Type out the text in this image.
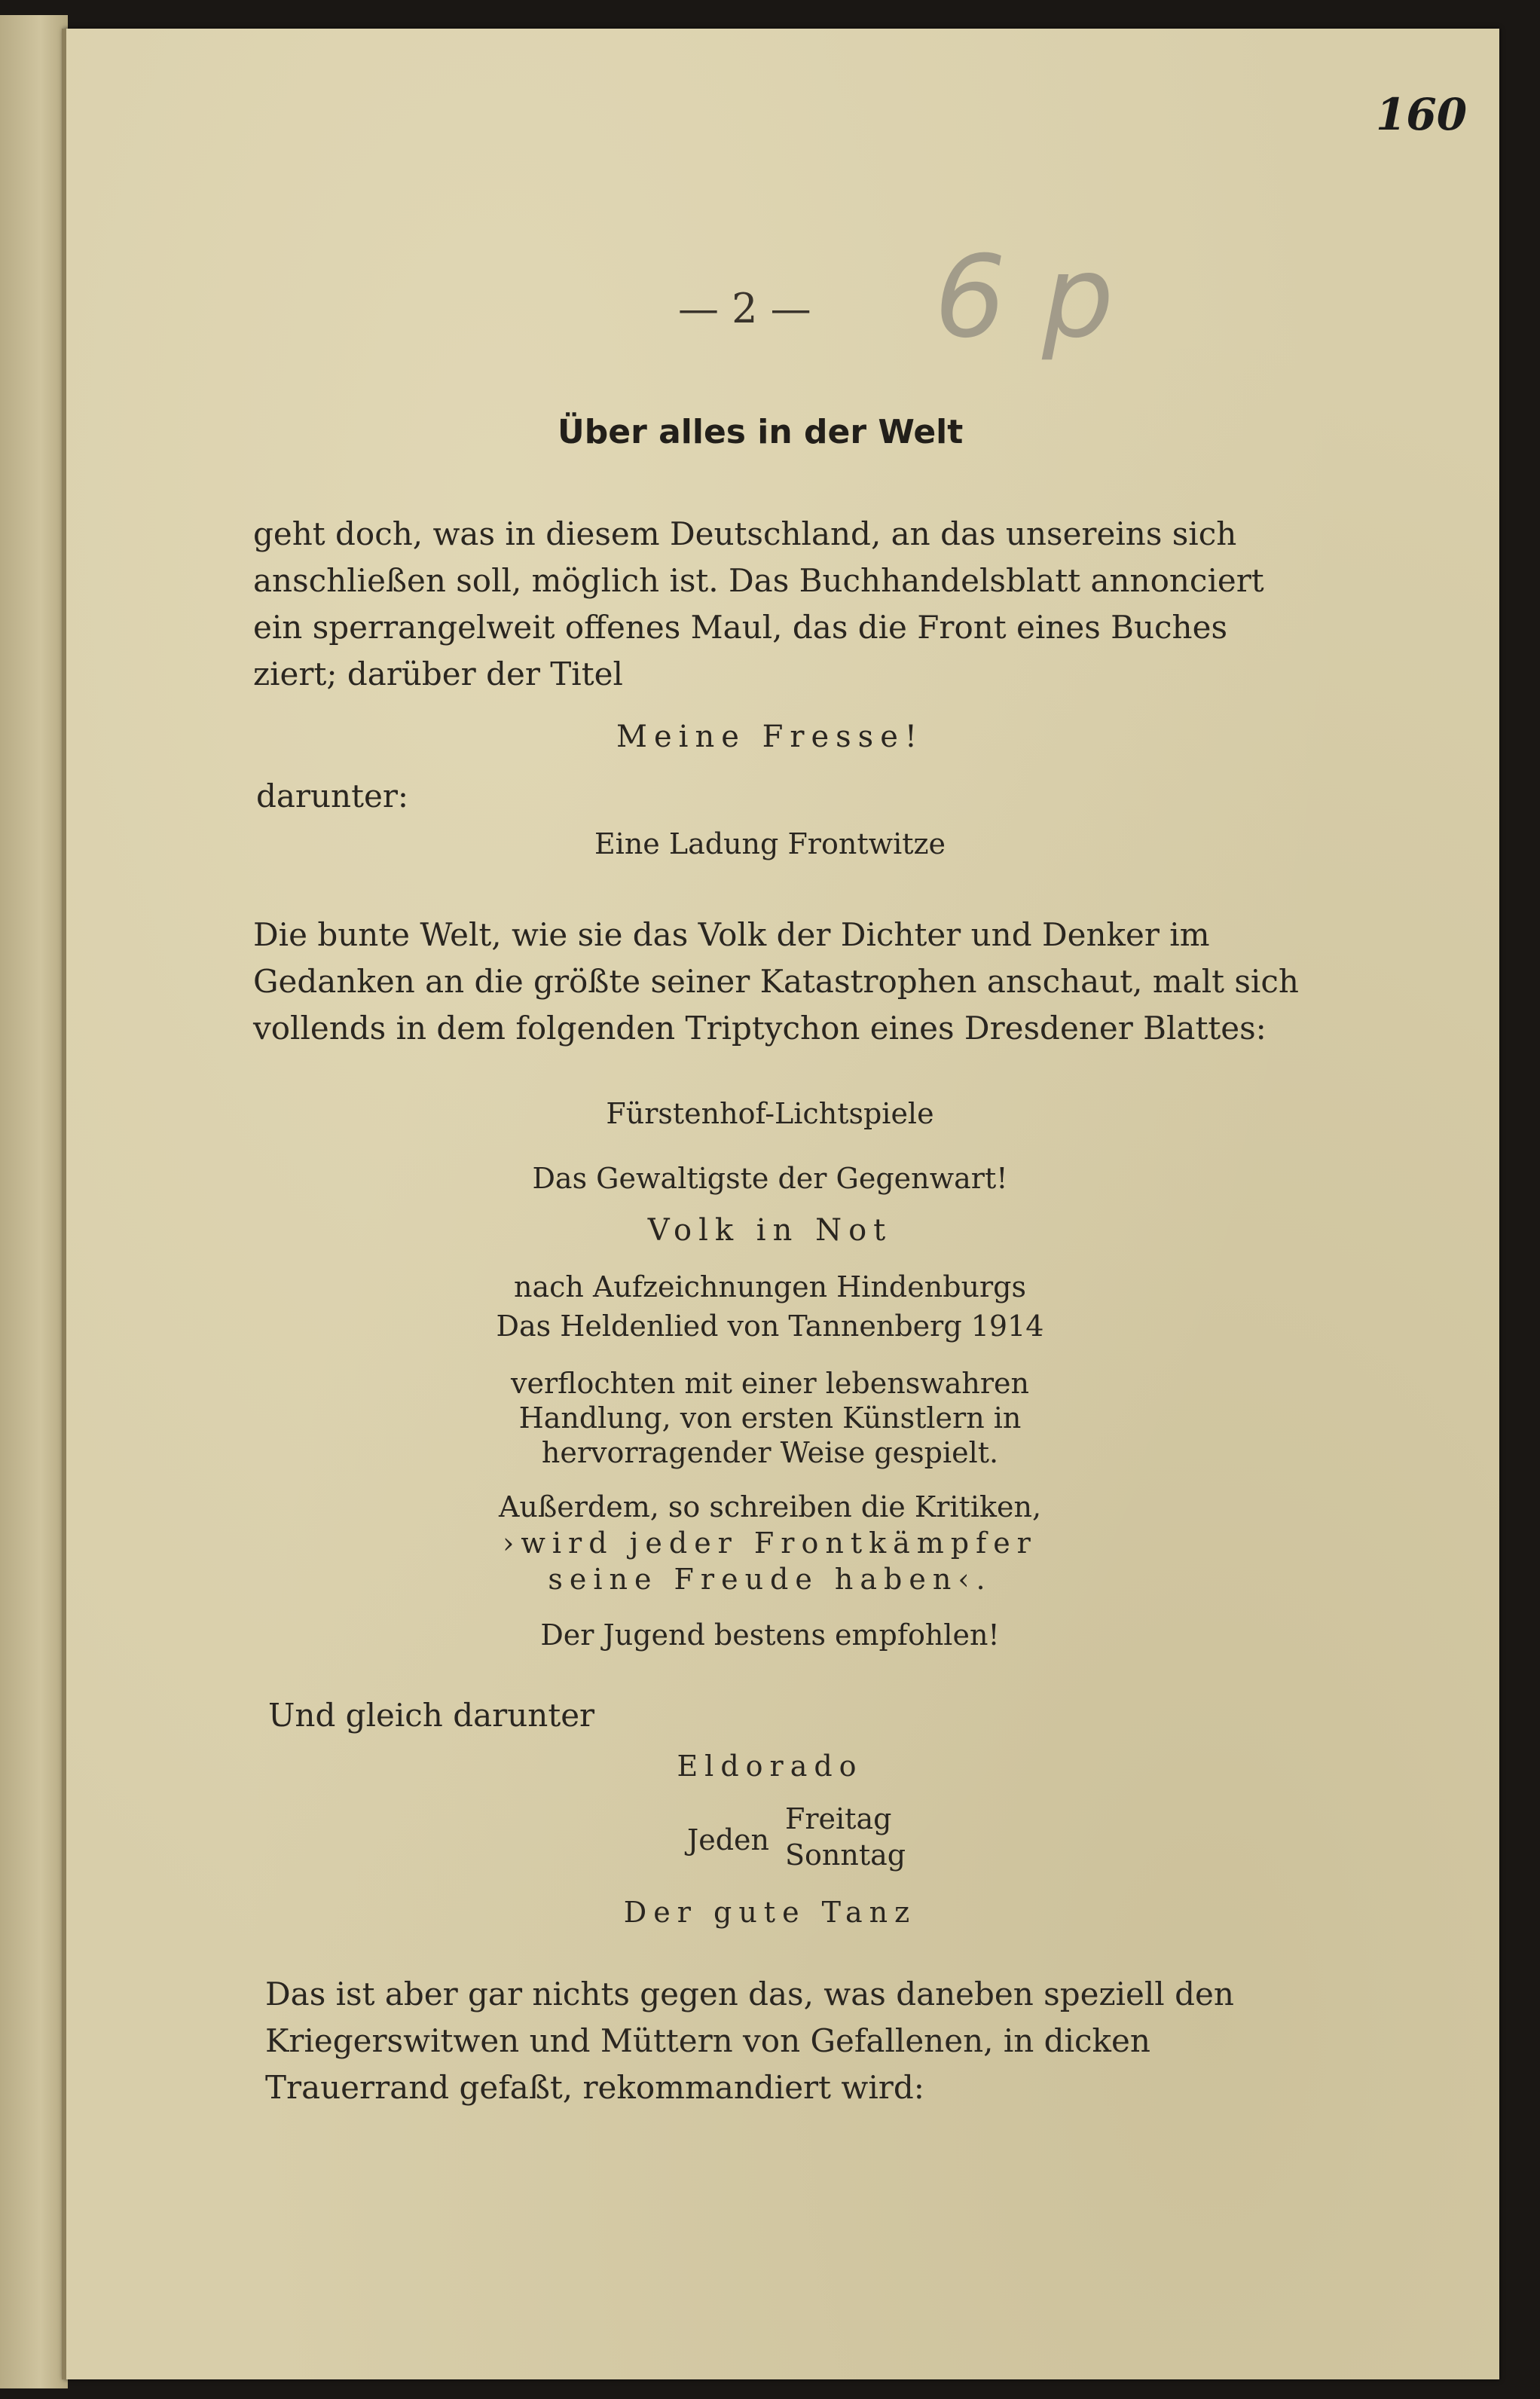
160
— 2 — 6 p
Über alles in der Welt
geht doch, was in diesem Deutschland, an das unsereins sich anschließen soll, möglich ist. Das Buchhandelsblatt annonciert ein sperrangelweit offenes Maul, das die Front eines Buches ziert; darüber der Titel
Meine Fresse!
darunter:
Eine Ladung Frontwitze
Die bunte Welt, wie sie das Volk der Dichter und Denker im Gedanken an die größte seiner Katastrophen anschaut, malt sich vollends in dem folgenden Triptychon eines Dresdener Blattes:
Fürstenhof-Lichtspiele
Das Gewaltigste der Gegenwart!
Volk in Not
nach Aufzeichnungen Hindenburgs
Das Heldenlied von Tannenberg 1914
verflochten mit einer lebenswahren
Handlung, von ersten Künstlern in
hervorragender Weise gespielt.
Außerdem, so schreiben die Kritiken,
›wird jeder Frontkämpfer
seine Freude haben‹.
Der Jugend bestens empfohlen!
Und gleich darunter
Eldorado
Jeden
Freitag
Sonntag
Der gute Tanz
Das ist aber gar nichts gegen das, was daneben speziell den Kriegerswitwen und Müttern von Gefallenen, in dicken Trauerrand gefaßt, rekommandiert wird:
